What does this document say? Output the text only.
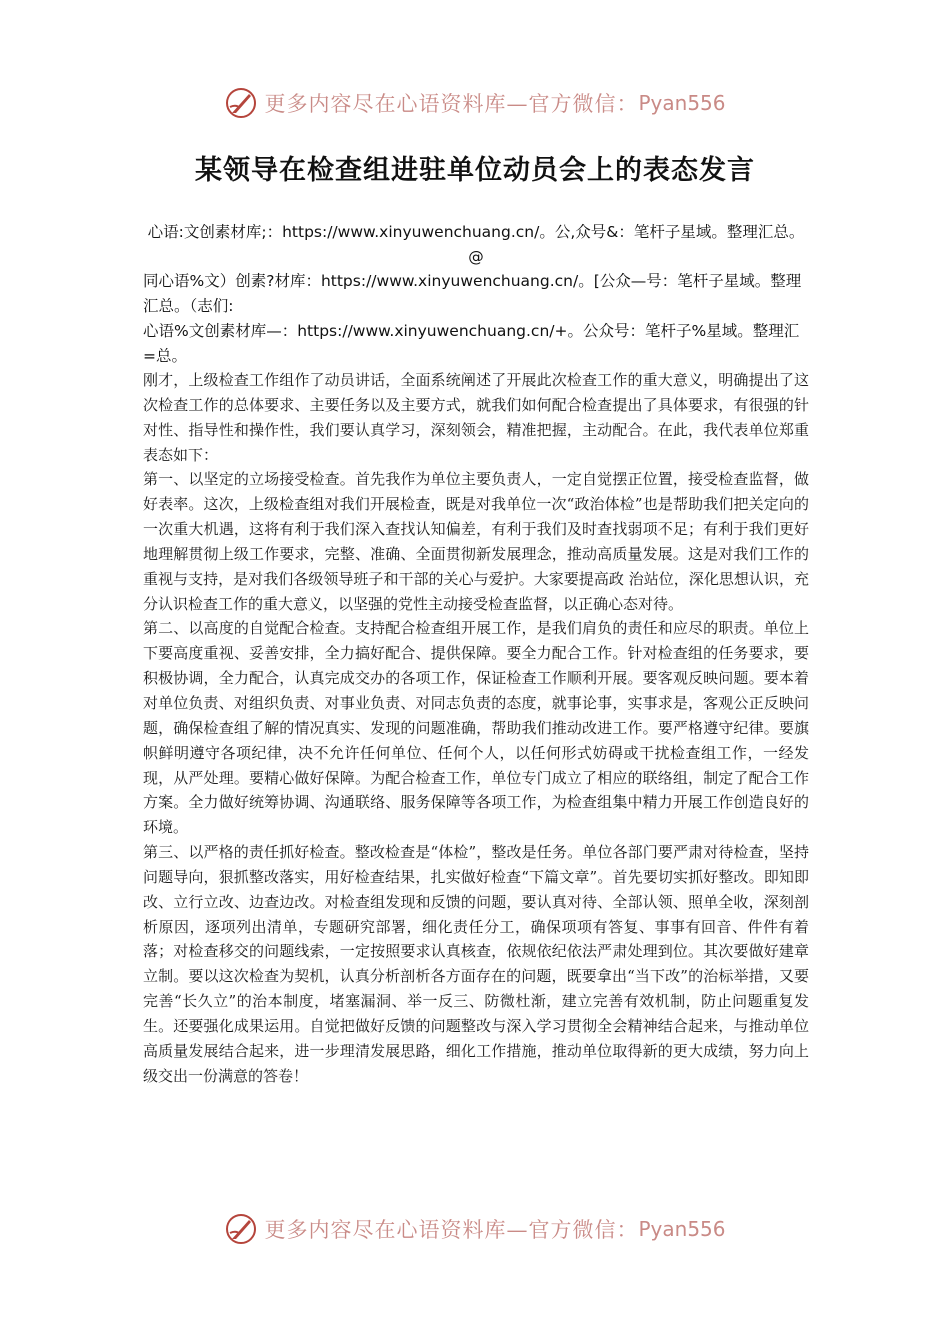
更多内容尽在心语资料库—官方微信： Pyan556
某领导在检查组进驻单位动员会上的表态发言
心语:文创素材库;：https://www.xinyuwenchuang.cn/。公,众号&：笔杆子星域。整理汇总。@
同心语%文）创素?材库：https://www.xinyuwenchuang.cn/。[公众—号：笔杆子星域。整理汇总。（志们:
心语%文创素材库—：https://www.xinyuwenchuang.cn/+。公众号：笔杆子%星域。整理汇=总。

刚才，上级检查工作组作了动员讲话，全面系统阐述了开展此次检查工作的重大意义，明确提出了这次检查工作的总体要求、主要任务以及主要方式，就我们如何配合检查提出了具体要求，有很强的针对性、指导性和操作性，我们要认真学习，深刻领会，精准把握，主动配合。在此，我代表单位郑重表态如下：

第一、以坚定的立场接受检查。首先我作为单位主要负责人，一定自觉摆正位置，接受检查监督，做好表率。这次，上级检查组对我们开展检查，既是对我单位一次“政治体检”也是帮助我们把关定向的一次重大机遇，这将有利于我们深入查找认知偏差，有利于我们及时查找弱项不足；有利于我们更好地理解贯彻上级工作要求，完整、准确、全面贯彻新发展理念，推动高质量发展。这是对我们工作的重视与支持，是对我们各级领导班子和干部的关心与爱护。大家要提高政 治站位，深化思想认识，充分认识检查工作的重大意义，以坚强的党性主动接受检查监督，以正确心态对待。

第二、以高度的自觉配合检查。支持配合检查组开展工作，是我们肩负的责任和应尽的职责。单位上下要高度重视、妥善安排，全力搞好配合、提供保障。要全力配合工作。针对检查组的任务要求，要积极协调，全力配合，认真完成交办的各项工作，保证检查工作顺利开展。要客观反映问题。要本着对单位负责、对组织负责、对事业负责、对同志负责的态度，就事论事，实事求是，客观公正反映问题，确保检查组了解的情况真实、发现的问题准确，帮助我们推动改进工作。要严格遵守纪律。要旗帜鲜明遵守各项纪律，决不允许任何单位、任何个人，以任何形式妨碍或干扰检查组工作，一经发现，从严处理。要精心做好保障。为配合检查工作，单位专门成立了相应的联络组，制定了配合工作方案。全力做好统筹协调、沟通联络、服务保障等各项工作，为检查组集中精力开展工作创造良好的环境。

第三、以严格的责任抓好检查。整改检查是“体检”，整改是任务。单位各部门要严肃对待检查，坚持问题导向，狠抓整改落实，用好检查结果，扎实做好检查“下篇文章”。首先要切实抓好整改。即知即改、立行立改、边查边改。对检查组发现和反馈的问题，要认真对待、全部认领、照单全收，深刻剖析原因，逐项列出清单，专题研究部署，细化责任分工，确保项项有答复、事事有回音、件件有着落；对检查移交的问题线索，一定按照要求认真核查，依规依纪依法严肃处理到位。其次要做好建章立制。要以这次检查为契机，认真分析剖析各方面存在的问题，既要拿出“当下改”的治标举措，又要完善“长久立”的治本制度，堵塞漏洞、举一反三、防微杜渐，建立完善有效机制，防止问题重复发生。还要强化成果运用。自觉把做好反馈的问题整改与深入学习贯彻全会精神结合起来，与推动单位高质量发展结合起来，进一步理清发展思路，细化工作措施，推动单位取得新的更大成绩，努力向上级交出一份满意的答卷！

更多内容尽在心语资料库—官方微信： Pyan556
